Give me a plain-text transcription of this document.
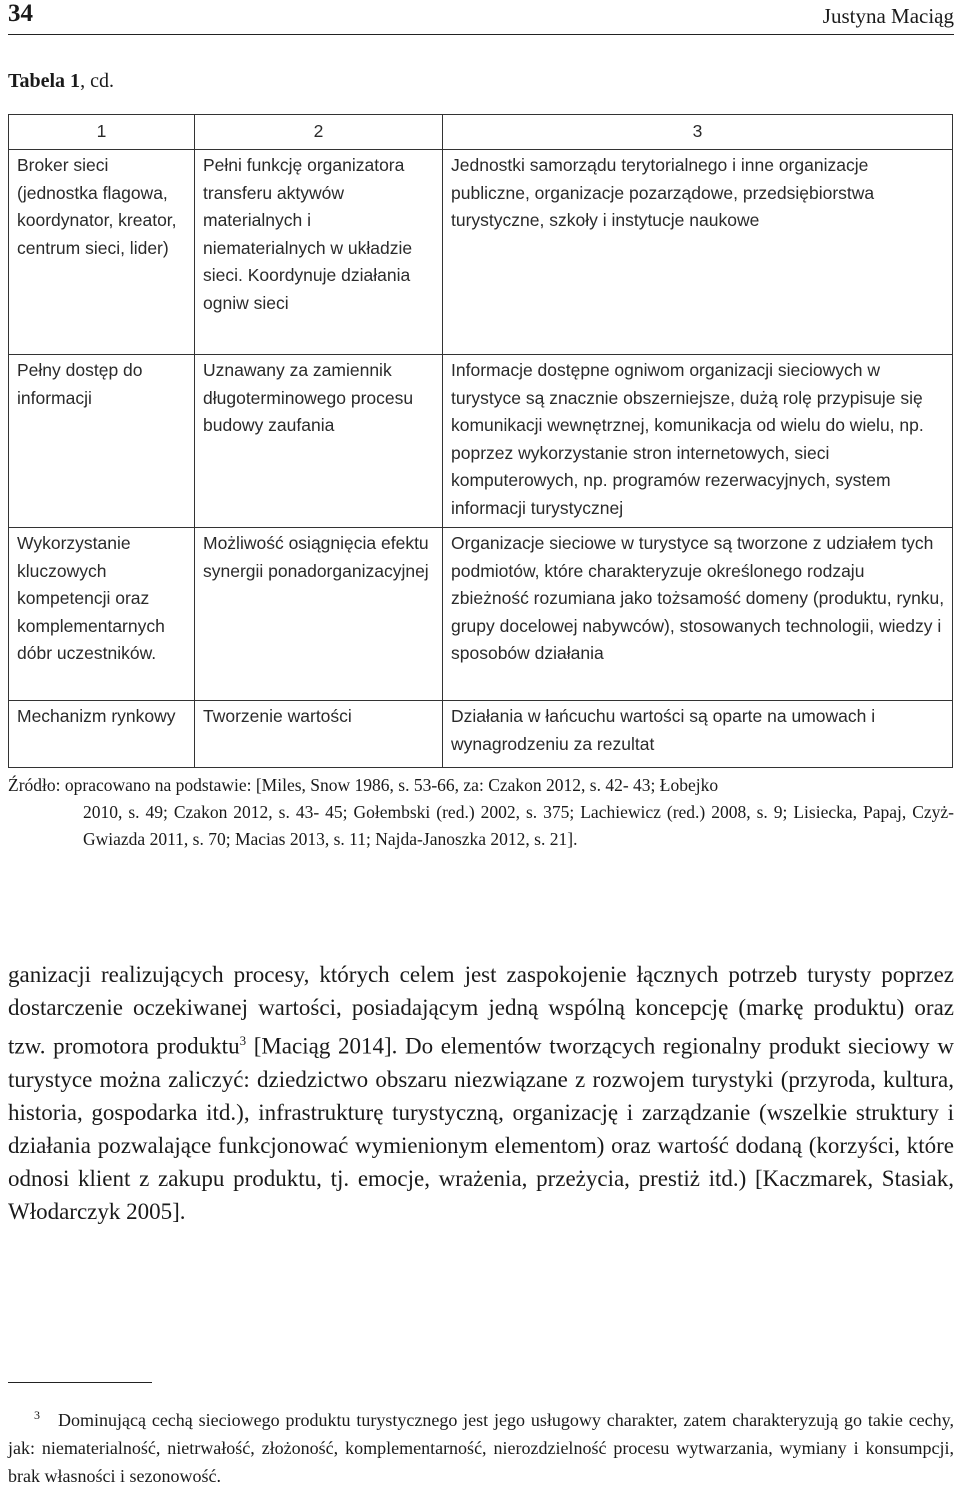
34	Justyna Maciąg
Tabela 1, cd.
1	2	3
Broker sieci (jednostka flagowa, koordynator, kreator, centrum sieci, lider)	Pełni funkcję organizatora transferu aktywów materialnych i niematerialnych w układzie sieci. Koordynuje działania ogniw sieci	Jednostki samorządu terytorialnego i inne organizacje publiczne, organizacje pozarządowe, przedsiębiorstwa turystyczne, szkoły i instytucje naukowe
Pełny dostęp do informacji	Uznawany za zamiennik długoterminowego procesu budowy zaufania	Informacje dostępne ogniwom organizacji sieciowych w turystyce są znacznie obszerniejsze, dużą rolę przypisuje się komunikacji wewnętrznej, komunikacja od wielu do wielu, np. poprzez wykorzystanie stron internetowych, sieci komputerowych, np. programów rezerwacyjnych, system informacji turystycznej
Wykorzystanie kluczowych kompetencji oraz komplementarnych dóbr uczestników.	Możliwość osiągnięcia efektu synergii ponadorganizacyjnej	Organizacje sieciowe w turystyce są tworzone z udziałem tych podmiotów, które charakteryzuje określonego rodzaju zbieżność rozumiana jako tożsamość domeny (produktu, rynku, grupy docelowej nabywców), stosowanych technologii, wiedzy i sposobów działania
Mechanizm rynkowy	Tworzenie wartości	Działania w łańcuchu wartości są oparte na umowach i wynagrodzeniu za rezultat
Źródło: opracowano na podstawie: [Miles, Snow 1986, s. 53-66, za: Czakon 2012, s. 42- 43; Łobejko
2010, s. 49; Czakon 2012, s. 43- 45; Gołembski (red.) 2002, s. 375; Lachiewicz (red.) 2008, s. 9; Lisiecka, Papaj, Czyż-Gwiazda 2011, s. 70; Macias 2013, s. 11; Najda-Janoszka 2012, s. 21].
ganizacji realizujących procesy, których celem jest zaspokojenie łącznych potrzeb turysty poprzez dostarczenie oczekiwanej wartości, posiadającym jedną wspólną koncepcję (markę produktu) oraz tzw. promotora produktu$^3$ [Maciąg 2014]. Do elementów tworzących regionalny produkt sieciowy w turystyce można zaliczyć: dziedzictwo obszaru niezwiązane z rozwojem turystyki (przyroda, kultura, historia, gospodarka itd.), infrastrukturę turystyczną, organizację i zarządzanie (wszelkie struktury i działania pozwalające funkcjonować wymienionym elementom) oraz wartość dodaną (korzyści, które odnosi klient z zakupu produktu, tj. emocje, wrażenia, przeżycia, prestiż itd.) [Kaczmarek, Stasiak, Włodarczyk 2005].
$^3$ Dominującą cechą sieciowego produktu turystycznego jest jego usługowy charakter, zatem charakteryzują go takie cechy, jak: niematerialność, nietrwałość, złożoność, komplementarność, nierozdzielność procesu wytwarzania, wymiany i konsumpcji, brak własności i sezonowość.
